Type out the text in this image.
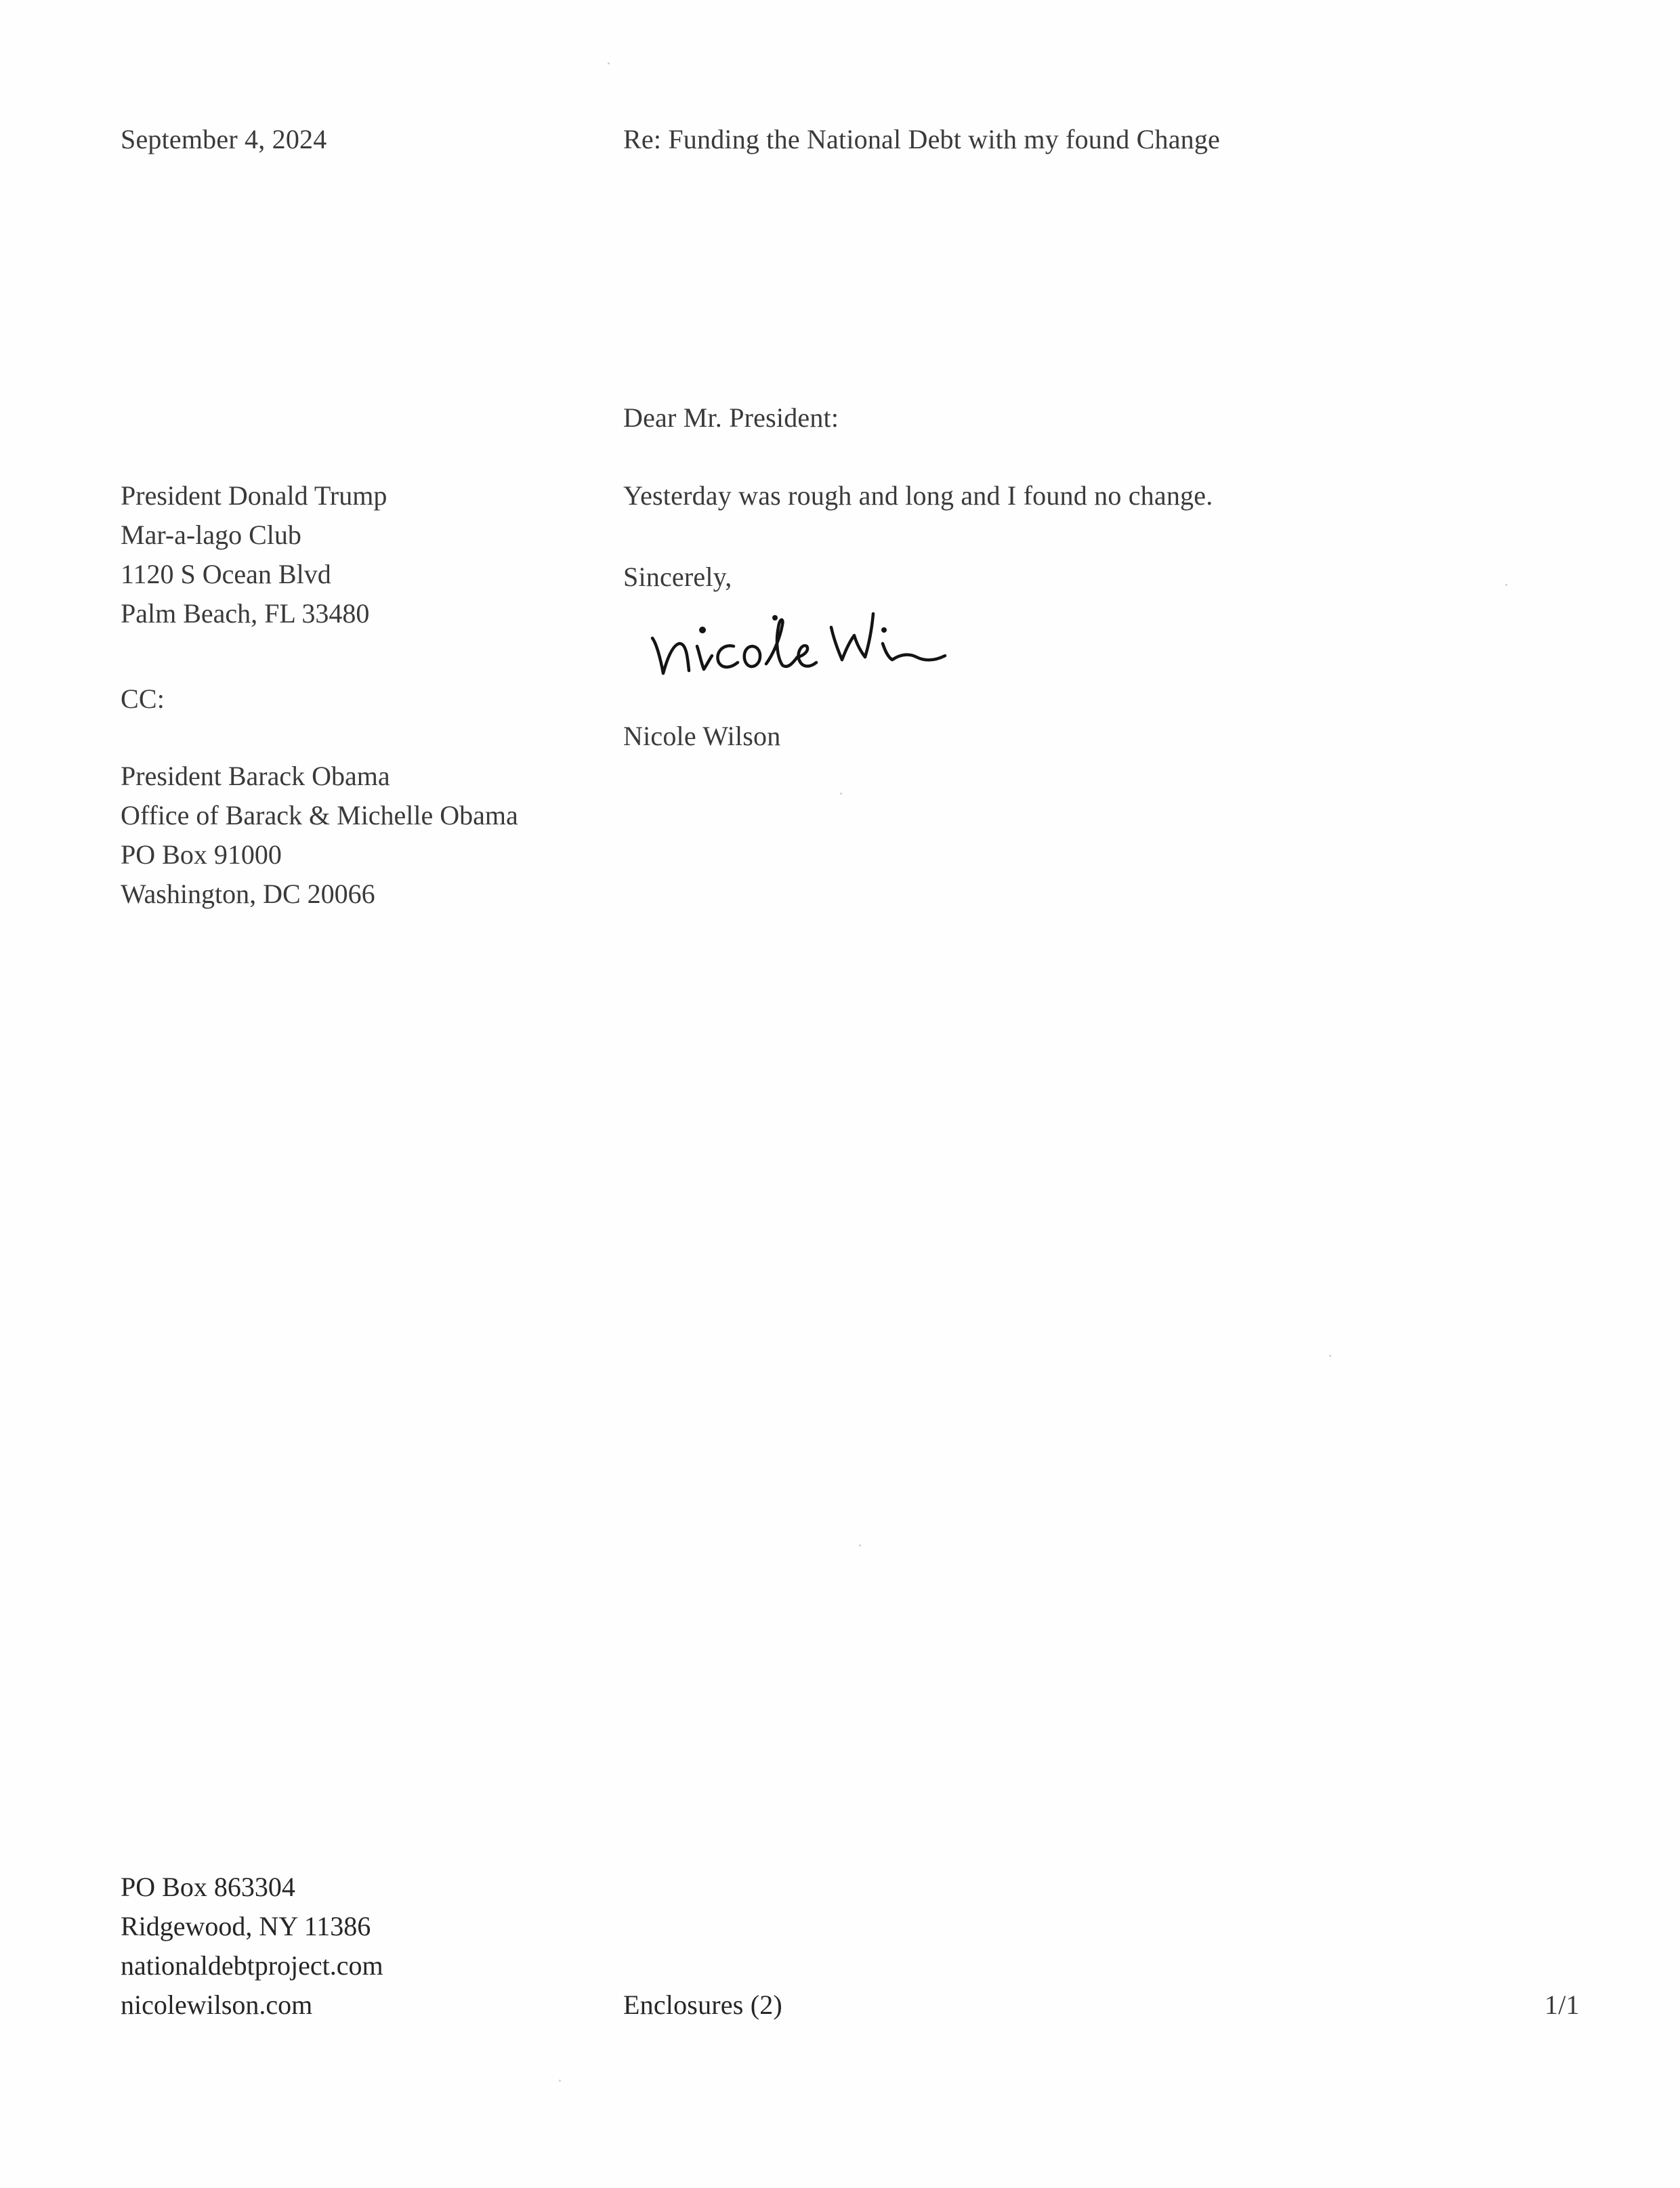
September 4, 2024	Re: Funding the National Debt with my found Change
Dear Mr. President:
President Donald Trump
Mar-a-lago Club
1120 S Ocean Blvd
Palm Beach, FL 33480
Yesterday was rough and long and I found no change.
Sincerely,
Nicole Wilson
CC:
President Barack Obama
Office of Barack & Michelle Obama
PO Box 91000
Washington, DC 20066
PO Box 863304
Ridgewood, NY 11386
nationaldebtproject.com
nicolewilson.com	Enclosures (2)	1/1
